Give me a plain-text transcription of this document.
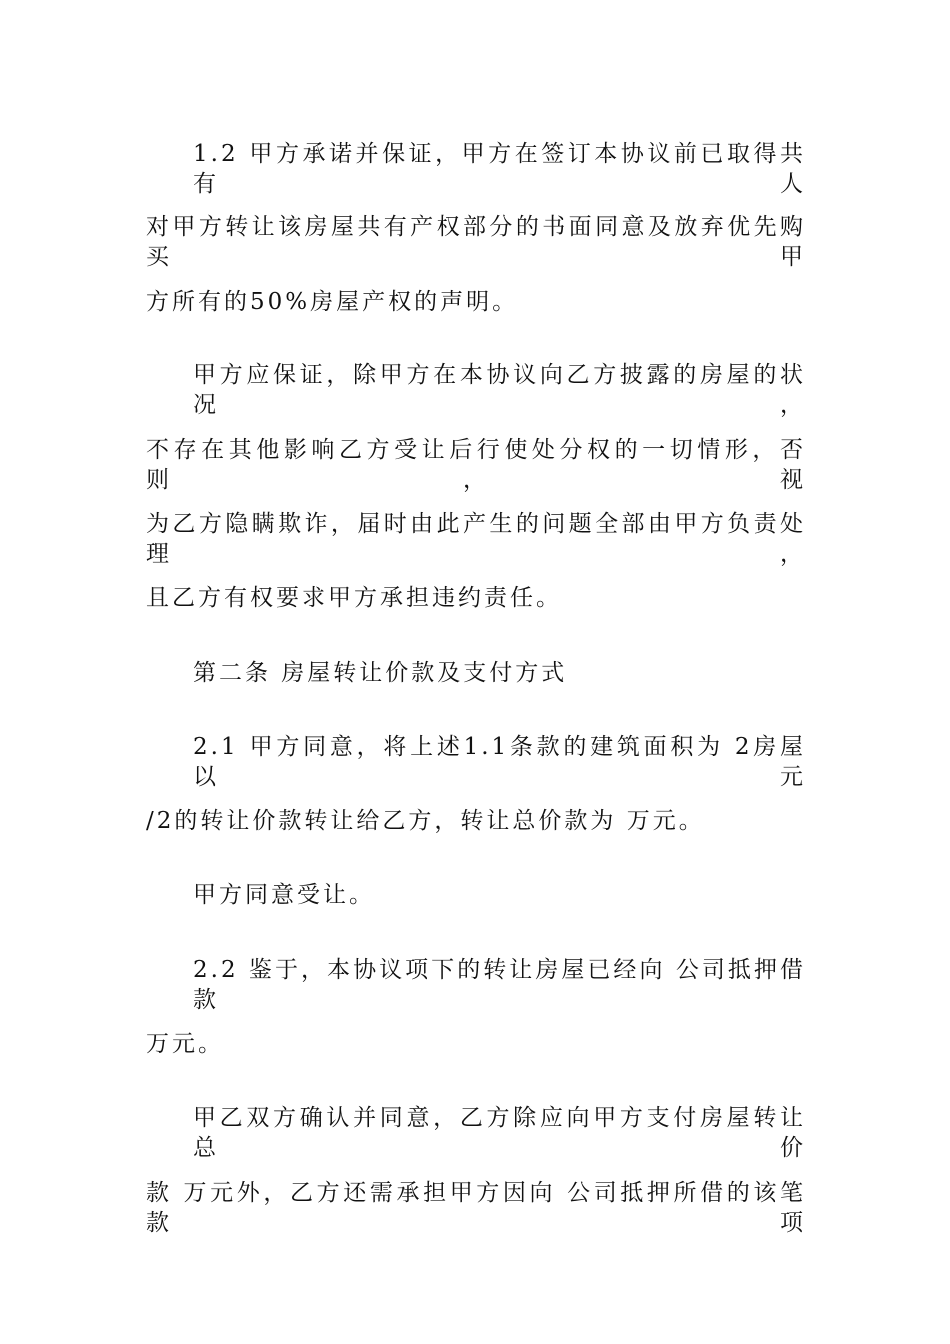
1.2 甲方承诺并保证，甲方在签订本协议前已取得共有人
对甲方转让该房屋共有产权部分的书面同意及放弃优先购买甲
方所有的50%房屋产权的声明。
甲方应保证，除甲方在本协议向乙方披露的房屋的状况，
不存在其他影响乙方受让后行使处分权的一切情形，否则，视
为乙方隐瞒欺诈，届时由此产生的问题全部由甲方负责处理，
且乙方有权要求甲方承担违约责任。
第二条 房屋转让价款及支付方式
2.1 甲方同意，将上述1.1条款的建筑面积为 2房屋以 元
/2的转让价款转让给乙方，转让总价款为 万元。
甲方同意受让。
2.2 鉴于，本协议项下的转让房屋已经向 公司抵押借款
万元。
甲乙双方确认并同意，乙方除应向甲方支付房屋转让总价
款 万元外，乙方还需承担甲方因向 公司抵押所借的该笔款项
